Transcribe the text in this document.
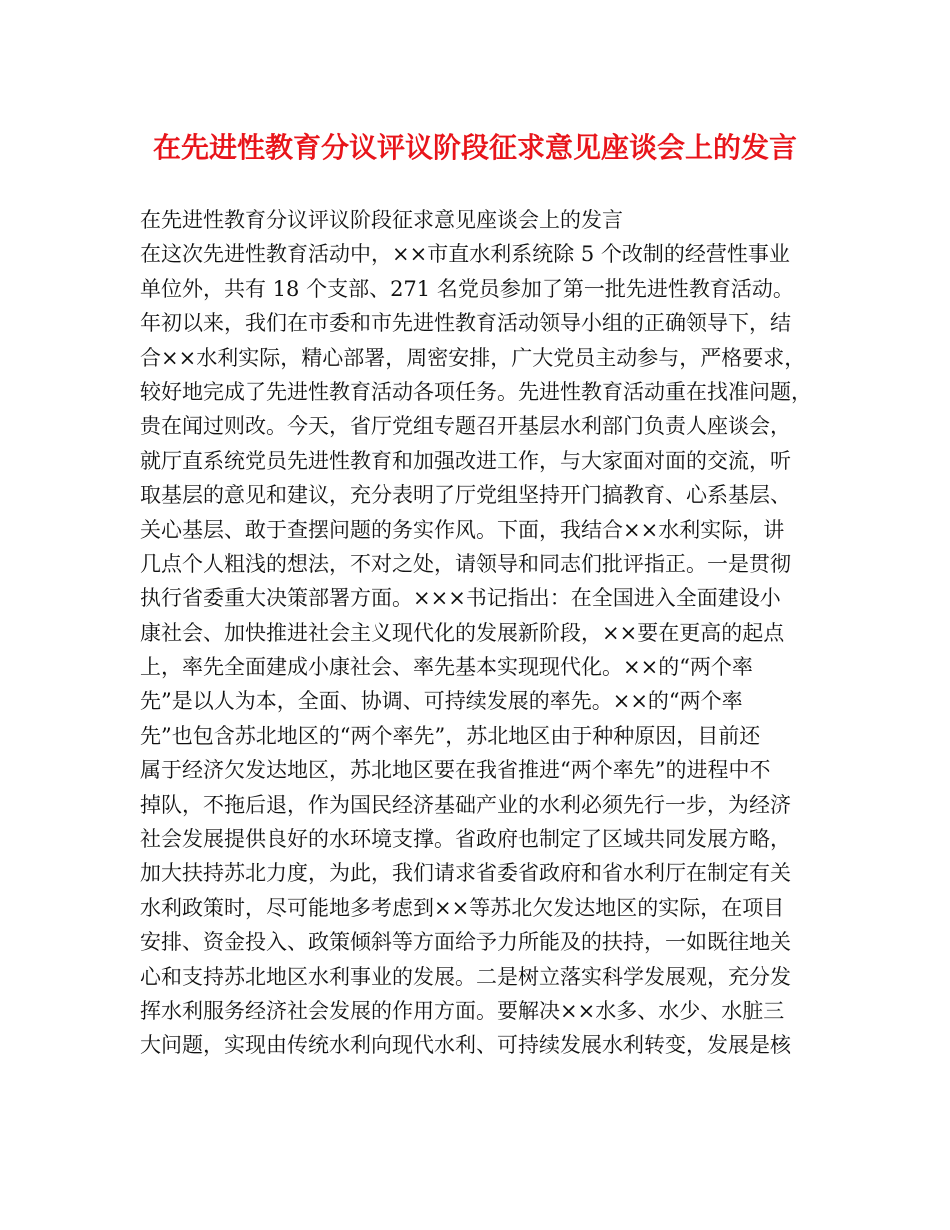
在先进性教育分议评议阶段征求意见座谈会上的发言
在先进性教育分议评议阶段征求意见座谈会上的发言
在这次先进性教育活动中，××市直水利系统除 5 个改制的经营性事业
单位外，共有 18 个支部、271 名党员参加了第一批先进性教育活动。
年初以来，我们在市委和市先进性教育活动领导小组的正确领导下，结
合××水利实际，精心部署，周密安排，广大党员主动参与，严格要求，
较好地完成了先进性教育活动各项任务。先进性教育活动重在找准问题，
贵在闻过则改。今天，省厅党组专题召开基层水利部门负责人座谈会，
就厅直系统党员先进性教育和加强改进工作，与大家面对面的交流，听
取基层的意见和建议，充分表明了厅党组坚持开门搞教育、心系基层、
关心基层、敢于查摆问题的务实作风。下面，我结合××水利实际，讲
几点个人粗浅的想法，不对之处，请领导和同志们批评指正。一是贯彻
执行省委重大决策部署方面。×××书记指出：在全国进入全面建设小
康社会、加快推进社会主义现代化的发展新阶段，××要在更高的起点
上，率先全面建成小康社会、率先基本实现现代化。××的“两个率
先”是以人为本，全面、协调、可持续发展的率先。××的“两个率
先”也包含苏北地区的“两个率先”，苏北地区由于种种原因，目前还
属于经济欠发达地区，苏北地区要在我省推进“两个率先”的进程中不
掉队，不拖后退，作为国民经济基础产业的水利必须先行一步，为经济
社会发展提供良好的水环境支撑。省政府也制定了区域共同发展方略，
加大扶持苏北力度，为此，我们请求省委省政府和省水利厅在制定有关
水利政策时，尽可能地多考虑到××等苏北欠发达地区的实际，在项目
安排、资金投入、政策倾斜等方面给予力所能及的扶持，一如既往地关
心和支持苏北地区水利事业的发展。二是树立落实科学发展观，充分发
挥水利服务经济社会发展的作用方面。要解决××水多、水少、水脏三
大问题，实现由传统水利向现代水利、可持续发展水利转变，发展是核
